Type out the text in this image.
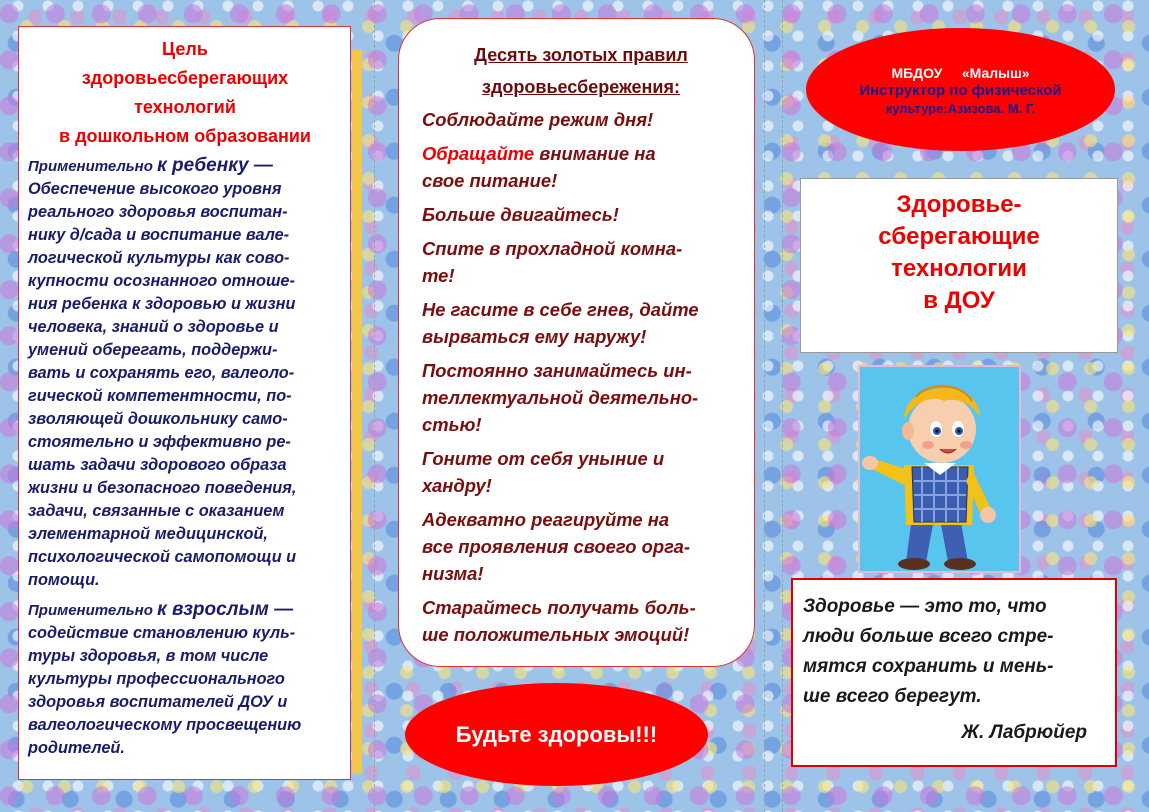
Цель
здоровьесберегающих
технологий
в дошкольном образовании

Применительно к ребенку —

Обеспечение высокого уровня

реального здоровья воспитан-

нику д/сада и воспитание вале-

логической культуры как сово-

купности осознанного отноше-

ния ребенка к здоровью и жизни

человека, знаний о здоровье и

умений оберегать, поддержи-

вать и сохранять его, валеоло-

гической компетентности, по-

зволяющей дошкольнику само-

стоятельно и эффективно ре-

шать задачи здорового образа

жизни и безопасного поведения,

задачи, связанные с оказанием

элементарной медицинской,

психологической самопомощи и

помощи.

Применительно к взрослым —

содействие становлению куль-

туры здоровья, в том числе

культуры профессионального

здоровья воспитателей ДОУ и

валеологическому просвещению

родителей.

Десять золотых правил
здоровьесбережения:
Соблюдайте режим дня!
Обращайте внимание на
свое питание!
Больше двигайтесь!
Спите в прохладной комна-
те!
Не гасите в себе гнев, дайте
вырваться ему наружу!
Постоянно занимайтесь ин-
теллектуальной деятельно-
стью!
Гоните от себя уныние и
хандру!
Адекватно реагируйте на
все проявления своего орга-
низма!
Старайтесь получать боль-
ше положительных эмоций!
Будьте здоровы!!!
МБДОУ     «Малыш»
Инструктор по физической
культуре:Азизова. М. Г.
Здоровье-
сберегающие
технологии
в ДОУ

Здоровье — это то, что

люди больше всего стре-

мятся сохранить и мень-

ше всего берегут.

Ж. Лабрюйер
